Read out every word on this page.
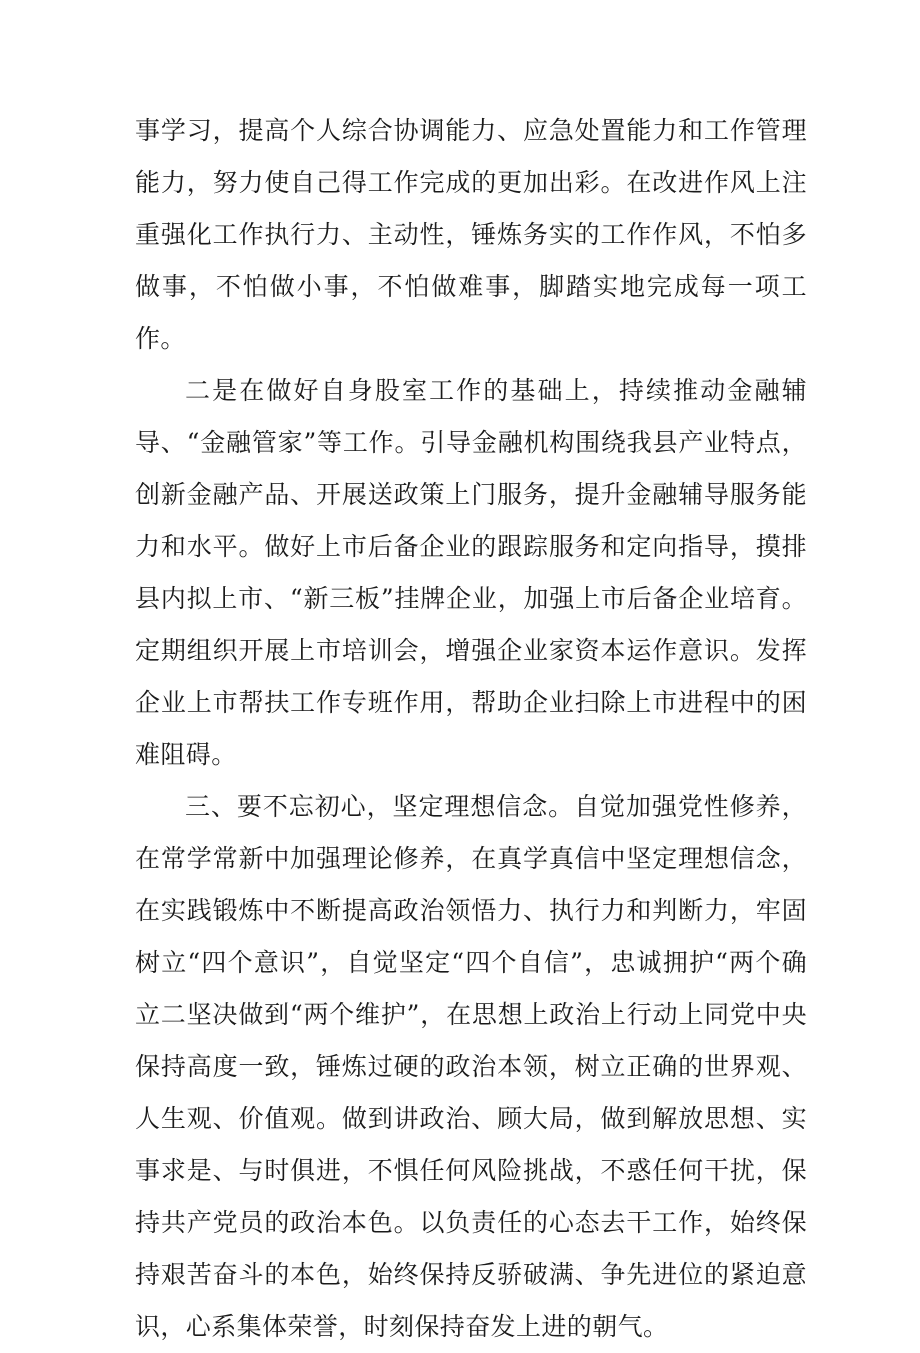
事学习，提高个人综合协调能力、应急处置能力和工作管理能力，努力使自己得工作完成的更加出彩。在改进作风上注重强化工作执行力、主动性，锤炼务实的工作作风，不怕多做事，不怕做小事，不怕做难事，脚踏实地完成每一项工作。

二是在做好自身股室工作的基础上，持续推动金融辅导、“金融管家”等工作。引导金融机构围绕我县产业特点，创新金融产品、开展送政策上门服务，提升金融辅导服务能力和水平。做好上市后备企业的跟踪服务和定向指导，摸排县内拟上市、“新三板”挂牌企业，加强上市后备企业培育。定期组织开展上市培训会，增强企业家资本运作意识。发挥企业上市帮扶工作专班作用，帮助企业扫除上市进程中的困难阻碍。

三、要不忘初心，坚定理想信念。自觉加强党性修养，在常学常新中加强理论修养，在真学真信中坚定理想信念，在实践锻炼中不断提高政治领悟力、执行力和判断力，牢固树立“四个意识”，自觉坚定“四个自信”，忠诚拥护“两个确立二坚决做到“两个维护”，在思想上政治上行动上同党中央保持高度一致，锤炼过硬的政治本领，树立正确的世界观、人生观、价值观。做到讲政治、顾大局，做到解放思想、实事求是、与时俱进，不惧任何风险挑战，不惑任何干扰，保持共产党员的政治本色。以负责任的心态去干工作，始终保持艰苦奋斗的本色，始终保持反骄破满、争先进位的紧迫意识，心系集体荣誉，时刻保持奋发上进的朝气。
